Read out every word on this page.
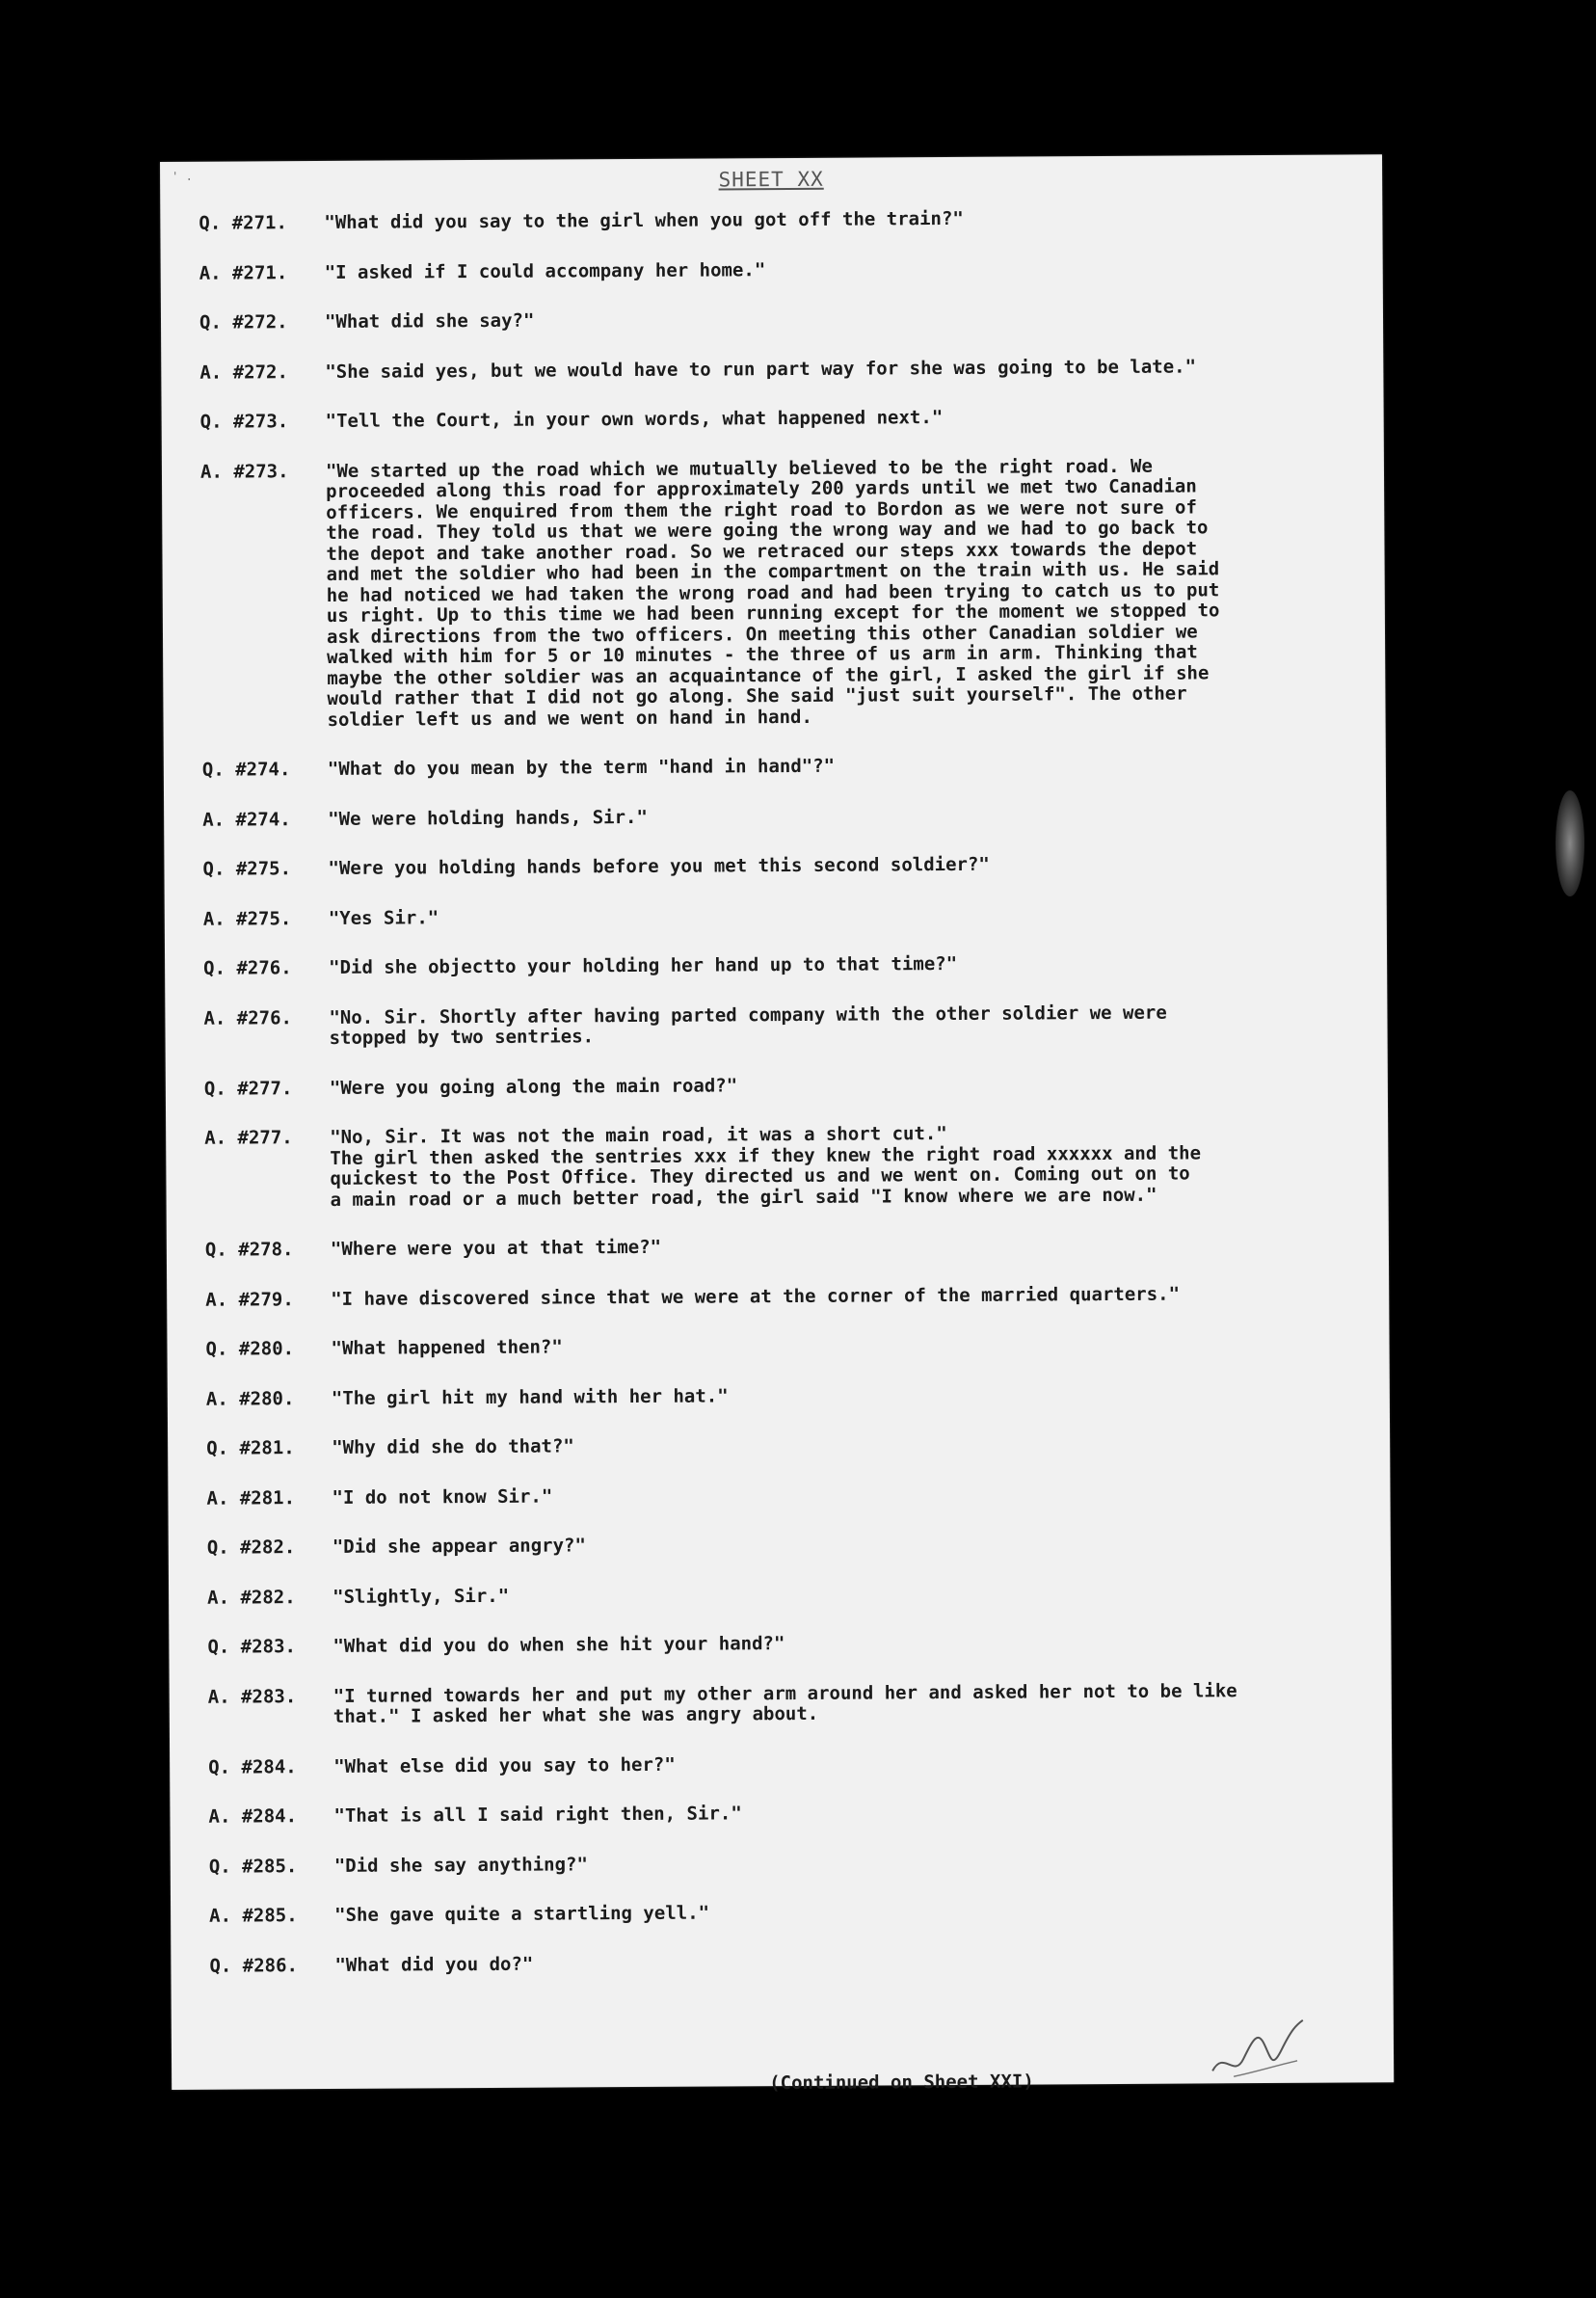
' .	SHEET XX
Q. #271.	"What did you say to the girl when you got off the train?"
A. #271.	"I asked if I could accompany her home."
Q. #272.	"What did she say?"
A. #272.	"She said yes, but we would have to run part way for she was going to be late."
Q. #273.	"Tell the Court, in your own words, what happened next."
A. #273.	"We started up the road which we mutually believed to be the right road. We
proceeded along this road for approximately 200 yards until we met two Canadian
officers. We enquired from them the right road to Bordon as we were not sure of
the road. They told us that we were going the wrong way and we had to go back to
the depot and take another road. So we retraced our steps xxx towards the depot
and met the soldier who had been in the compartment on the train with us. He said
he had noticed we had taken the wrong road and had been trying to catch us to put
us right. Up to this time we had been running except for the moment we stopped to
ask directions from the two officers. On meeting this other Canadian soldier we
walked with him for 5 or 10 minutes - the three of us arm in arm. Thinking that
maybe the other soldier was an acquaintance of the girl, I asked the girl if she
would rather that I did not go along. She said "just suit yourself". The other
soldier left us and we went on hand in hand.
Q. #274.	"What do you mean by the term "hand in hand"?"
A. #274.	"We were holding hands, Sir."
Q. #275.	"Were you holding hands before you met this second soldier?"
A. #275.	"Yes Sir."
Q. #276.	"Did she objectto your holding her hand up to that time?"
A. #276.	"No. Sir. Shortly after having parted company with the other soldier we were
stopped by two sentries.
Q. #277.	"Were you going along the main road?"
A. #277.	"No, Sir. It was not the main road, it was a short cut."
The girl then asked the sentries xxx if they knew the right road xxxxxx and the
quickest to the Post Office. They directed us and we went on. Coming out on to
a main road or a much better road, the girl said "I know where we are now."
Q. #278.	"Where were you at that time?"
A. #279.	"I have discovered since that we were at the corner of the married quarters."
Q. #280.	"What happened then?"
A. #280.	"The girl hit my hand with her hat."
Q. #281.	"Why did she do that?"
A. #281.	"I do not know Sir."
Q. #282.	"Did she appear angry?"
A. #282.	"Slightly, Sir."
Q. #283.	"What did you do when she hit your hand?"
A. #283.	"I turned towards her and put my other arm around her and asked her not to be like
that." I asked her what she was angry about.
Q. #284.	"What else did you say to her?"
A. #284.	"That is all I said right then, Sir."
Q. #285.	"Did she say anything?"
A. #285.	"She gave quite a startling yell."
Q. #286.	"What did you do?"
(Continued on Sheet XXI)
